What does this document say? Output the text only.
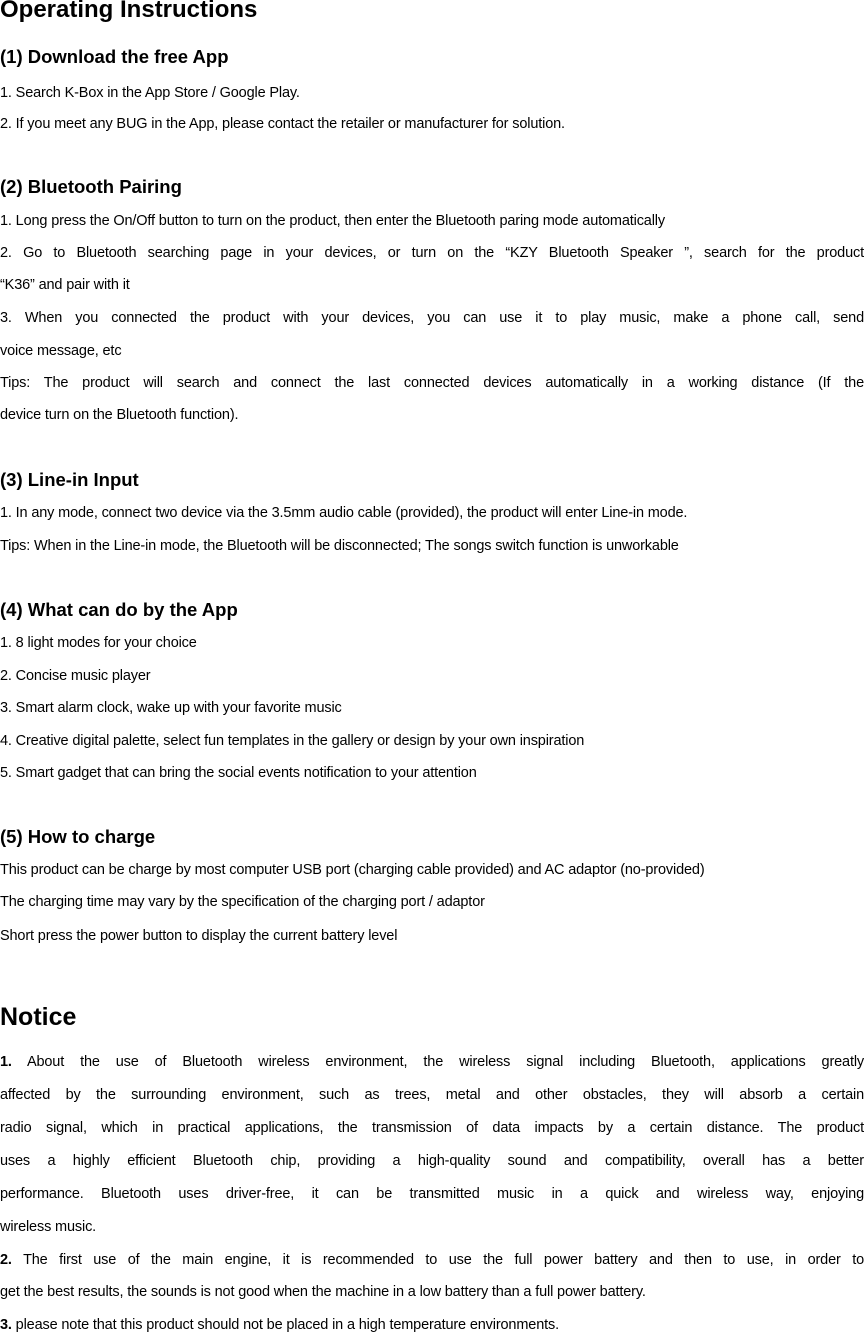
Operating Instructions
(1) Download the free App

1. Search K-Box in the App Store / Google Play.

2. If you meet any BUG in the App, please contact the retailer or manufacturer for solution.

(2) Bluetooth Pairing

1. Long press the On/Off button to turn on the product, then enter the Bluetooth paring mode automatically

2. Go to Bluetooth searching page in your devices, or turn on the “KZY Bluetooth Speaker ”, search for the product

“K36” and pair with it

3. When you connected the product with your devices, you can use it to play music, make a phone call, send

voice message, etc

Tips: The product will search and connect the last connected devices automatically in a working distance (If the

device turn on the Bluetooth function).

(3) Line-in Input

1. In any mode, connect two device via the 3.5mm audio cable (provided), the product will enter Line-in mode.

Tips: When in the Line-in mode, the Bluetooth will be disconnected; The songs switch function is unworkable

(4) What can do by the App

1. 8 light modes for your choice

2. Concise music player

3. Smart alarm clock, wake up with your favorite music

4. Creative digital palette, select fun templates in the gallery or design by your own inspiration

5. Smart gadget that can bring the social events notification to your attention

(5) How to charge

This product can be charge by most computer USB port (charging cable provided) and AC adaptor (no-provided)

The charging time may vary by the specification of the charging port / adaptor

Short press the power button to display the current battery level

Notice

1. About the use of Bluetooth wireless environment, the wireless signal including Bluetooth, applications greatly

affected by the surrounding environment, such as trees, metal and other obstacles, they will absorb a certain

radio signal, which in practical applications, the transmission of data impacts by a certain distance. The product

uses a highly efficient Bluetooth chip, providing a high-quality sound and compatibility, overall has a better

performance. Bluetooth uses driver-free, it can be transmitted music in a quick and wireless way, enjoying

wireless music.

2. The first use of the main engine, it is recommended to use the full power battery and then to use, in order to

get the best results, the sounds is not good when the machine in a low battery than a full power battery.

3. please note that this product should not be placed in a high temperature environments.
